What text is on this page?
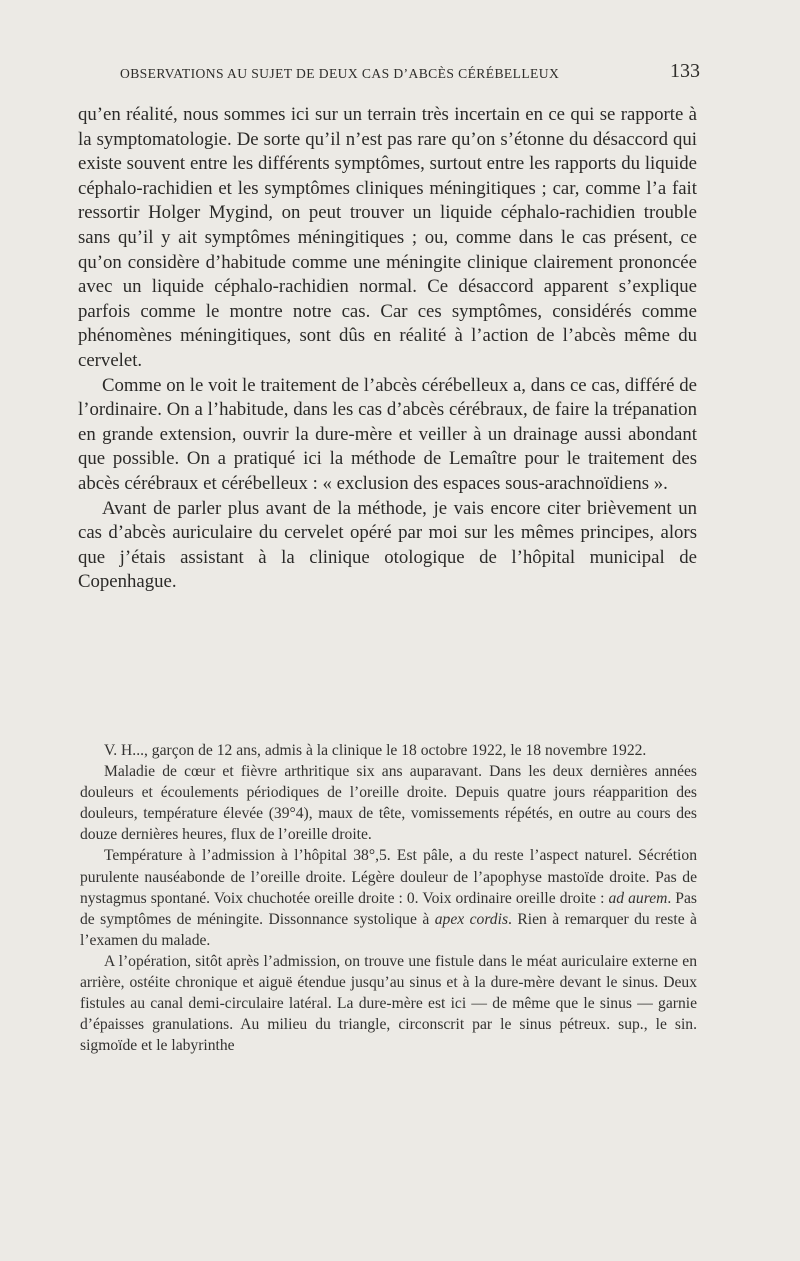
OBSERVATIONS AU SUJET DE DEUX CAS D’ABCÈS CÉRÉBELLEUX	133

qu’en réalité, nous sommes ici sur un terrain très incertain en ce qui se rapporte à la symptomatologie. De sorte qu’il n’est pas rare qu’on s’étonne du désaccord qui existe souvent entre les différents symptômes, surtout entre les rapports du liquide céphalo-rachidien et les symptômes cliniques méningitiques ; car, comme l’a fait ressortir Holger Mygind, on peut trouver un liquide céphalo-rachidien trouble sans qu’il y ait symptômes méningitiques ; ou, comme dans le cas présent, ce qu’on considère d’habitude comme une méningite clinique clairement prononcée avec un liquide céphalo-rachidien normal. Ce désaccord apparent s’explique parfois comme le montre notre cas. Car ces symptômes, considérés comme phénomènes méningitiques, sont dûs en réalité à l’action de l’abcès même du cervelet.

Comme on le voit le traitement de l’abcès cérébelleux a, dans ce cas, différé de l’ordinaire. On a l’habitude, dans les cas d’abcès cérébraux, de faire la trépanation en grande extension, ouvrir la dure-mère et veiller à un drainage aussi abondant que possible. On a pratiqué ici la méthode de Lemaître pour le traitement des abcès cérébraux et cérébelleux : « exclusion des espaces sous-arachnoïdiens ».

Avant de parler plus avant de la méthode, je vais encore citer brièvement un cas d’abcès auriculaire du cervelet opéré par moi sur les mêmes principes, alors que j’étais assistant à la clinique otologique de l’hôpital municipal de Copenhague.

V. H..., garçon de 12 ans, admis à la clinique le 18 octobre 1922, le 18 novembre 1922.

Maladie de cœur et fièvre arthritique six ans auparavant. Dans les deux dernières années douleurs et écoulements périodiques de l’oreille droite. Depuis quatre jours réapparition des douleurs, température élevée (39°4), maux de tête, vomissements répétés, en outre au cours des douze dernières heures, flux de l’oreille droite.

Température à l’admission à l’hôpital 38°,5. Est pâle, a du reste l’aspect naturel. Sécrétion purulente nauséabonde de l’oreille droite. Légère douleur de l’apophyse mastoïde droite. Pas de nystagmus spontané. Voix chuchotée oreille droite : 0. Voix ordinaire oreille droite : ad aurem. Pas de symptômes de méningite. Dissonnance systolique à apex cordis. Rien à remarquer du reste à l’examen du malade.

A l’opération, sitôt après l’admission, on trouve une fistule dans le méat auriculaire externe en arrière, ostéite chronique et aiguë étendue jusqu’au sinus et à la dure-mère devant le sinus. Deux fistules au canal demi-circulaire latéral. La dure-mère est ici — de même que le sinus — garnie d’épaisses granulations. Au milieu du triangle, circonscrit par le sinus pétreux. sup., le sin. sigmoïde et le labyrinthe
